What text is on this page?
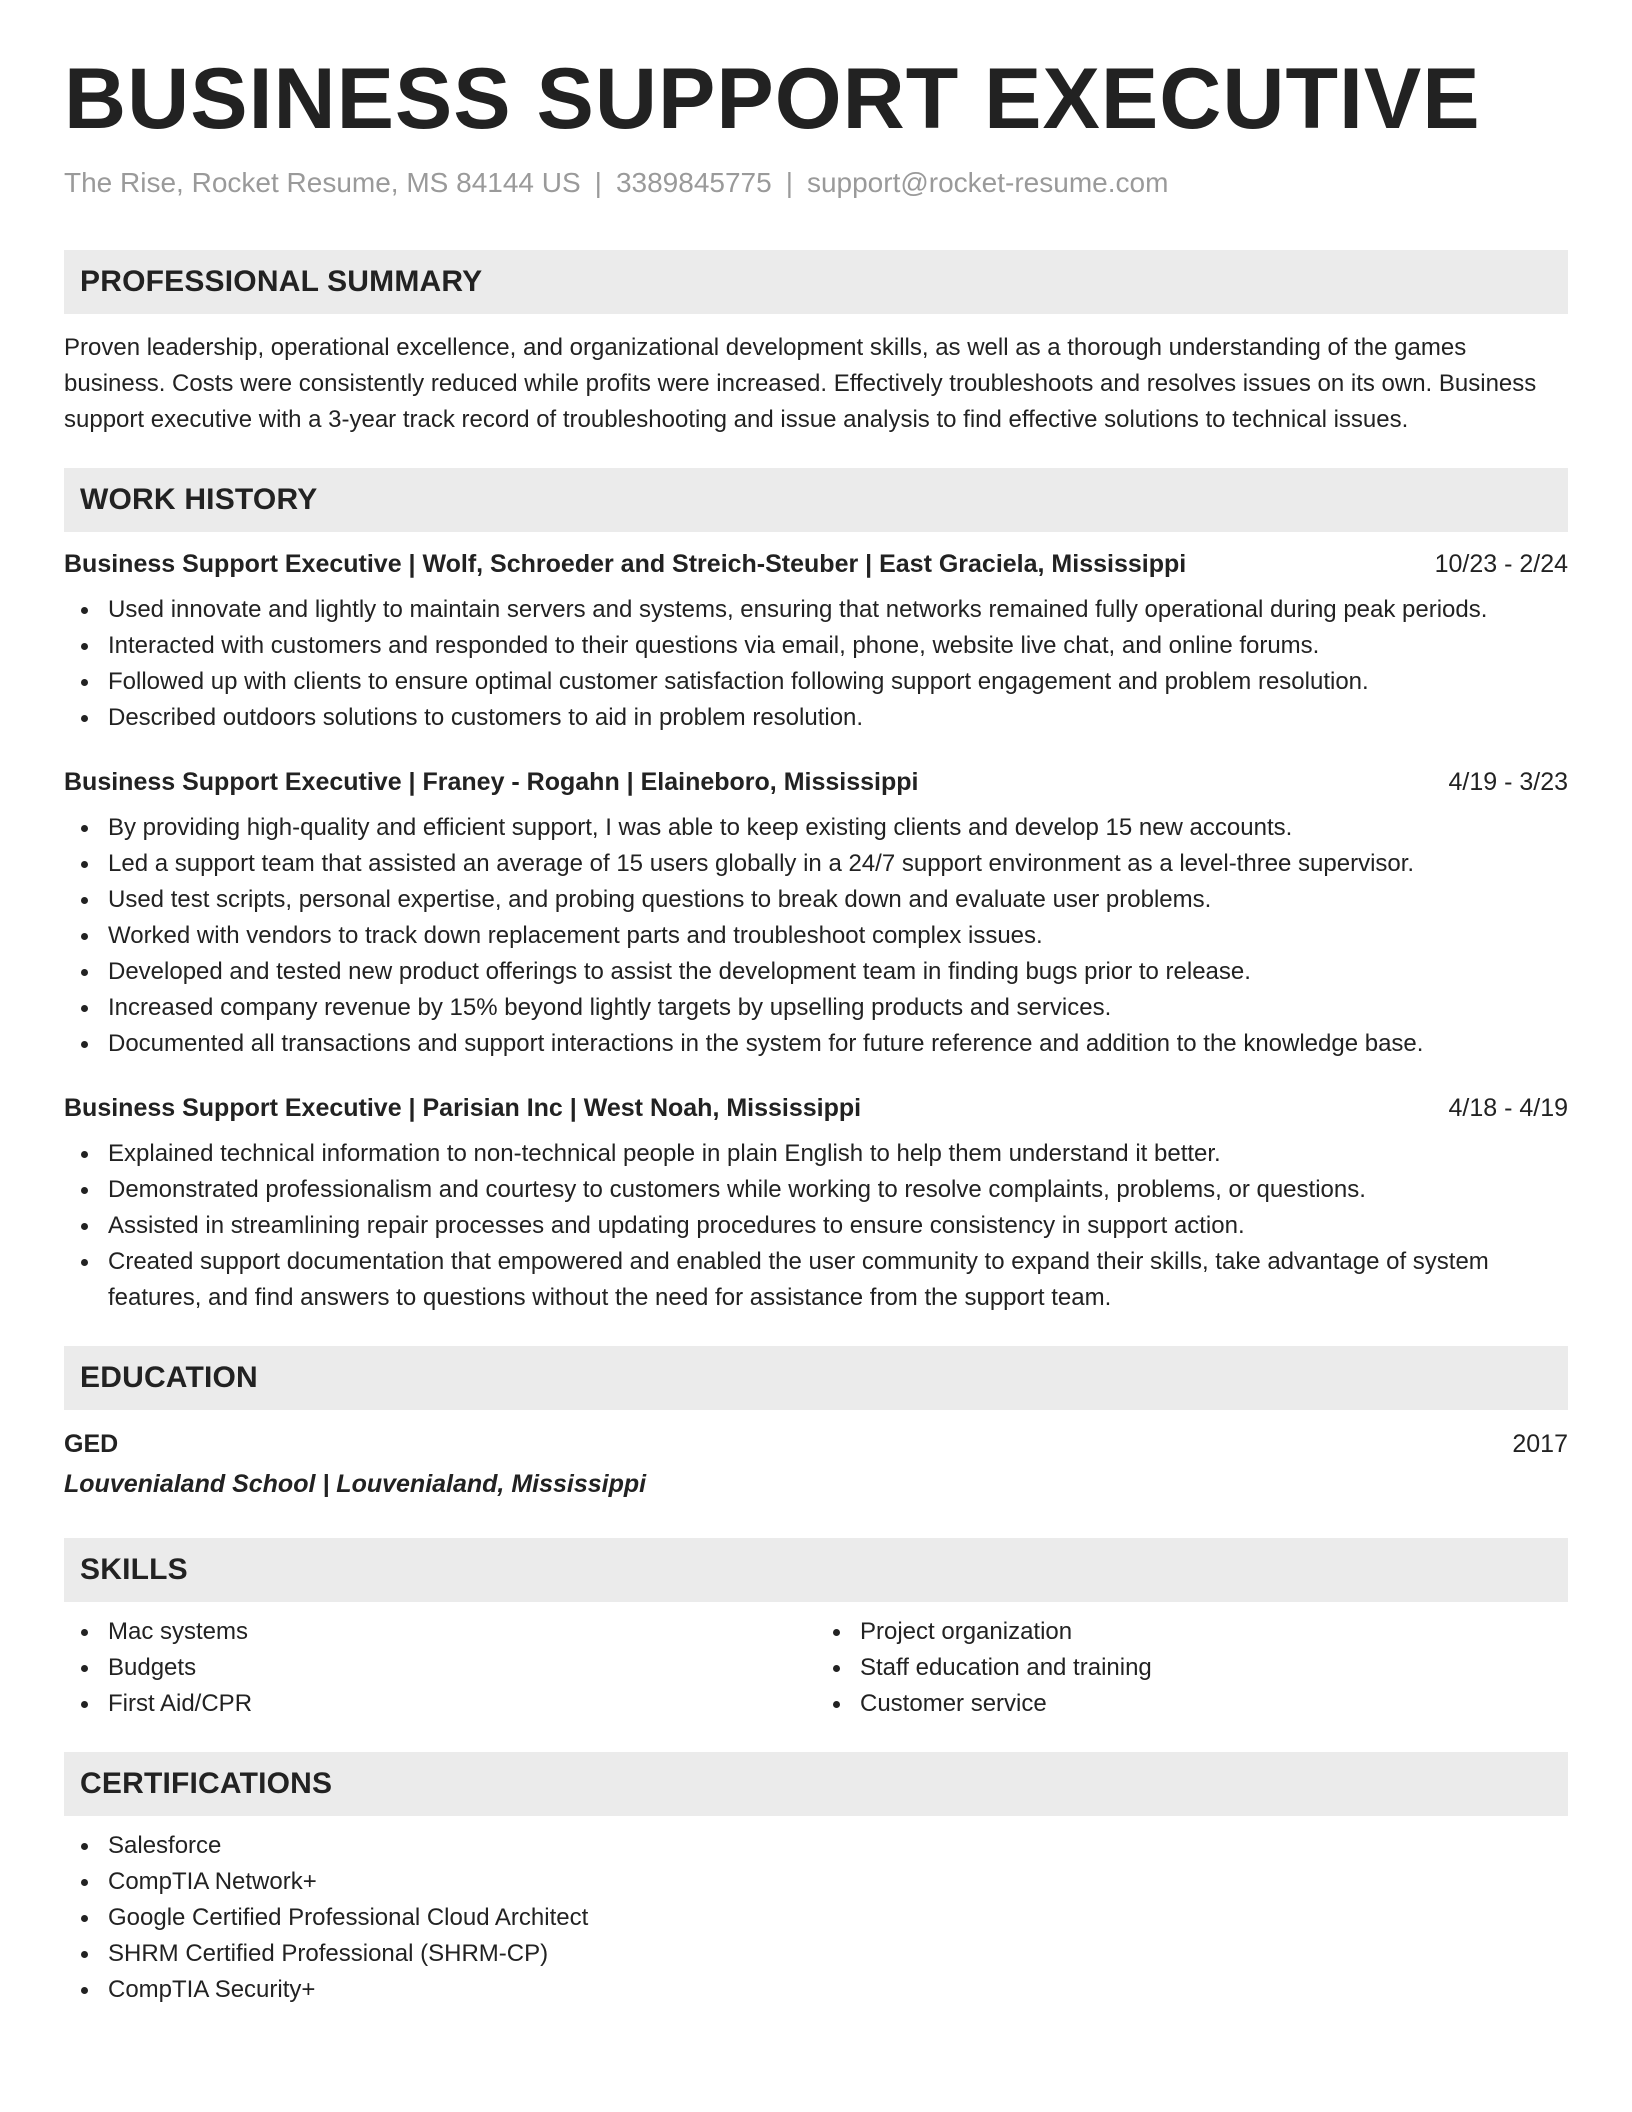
BUSINESS SUPPORT EXECUTIVE
The Rise, Rocket Resume, MS 84144 US | 3389845775 | support@rocket-resume.com
PROFESSIONAL SUMMARY

Proven leadership, operational excellence, and organizational development skills, as well as a thorough understanding of the games business. Costs were consistently reduced while profits were increased. Effectively troubleshoots and resolves issues on its own. Business support executive with a 3-year track record of troubleshooting and issue analysis to find effective solutions to technical issues.

WORK HISTORY
Business Support Executive | Wolf, Schroeder and Streich-Steuber | East Graciela, Mississippi	10/23 - 2/24
Used innovate and lightly to maintain servers and systems, ensuring that networks remained fully operational during peak periods.
Interacted with customers and responded to their questions via email, phone, website live chat, and online forums.
Followed up with clients to ensure optimal customer satisfaction following support engagement and problem resolution.
Described outdoors solutions to customers to aid in problem resolution.
Business Support Executive | Franey - Rogahn | Elaineboro, Mississippi	4/19 - 3/23
By providing high-quality and efficient support, I was able to keep existing clients and develop 15 new accounts.
Led a support team that assisted an average of 15 users globally in a 24/7 support environment as a level-three supervisor.
Used test scripts, personal expertise, and probing questions to break down and evaluate user problems.
Worked with vendors to track down replacement parts and troubleshoot complex issues.
Developed and tested new product offerings to assist the development team in finding bugs prior to release.
Increased company revenue by 15% beyond lightly targets by upselling products and services.
Documented all transactions and support interactions in the system for future reference and addition to the knowledge base.
Business Support Executive | Parisian Inc | West Noah, Mississippi	4/18 - 4/19
Explained technical information to non-technical people in plain English to help them understand it better.
Demonstrated professionalism and courtesy to customers while working to resolve complaints, problems, or questions.
Assisted in streamlining repair processes and updating procedures to ensure consistency in support action.
Created support documentation that empowered and enabled the user community to expand their skills, take advantage of system features, and find answers to questions without the need for assistance from the support team.
EDUCATION
GED	2017
Louvenialand School | Louvenialand, Mississippi
SKILLS
Mac systems
Budgets
First Aid/CPR
Project organization
Staff education and training
Customer service
CERTIFICATIONS
Salesforce
CompTIA Network+
Google Certified Professional Cloud Architect
SHRM Certified Professional (SHRM-CP)
CompTIA Security+
